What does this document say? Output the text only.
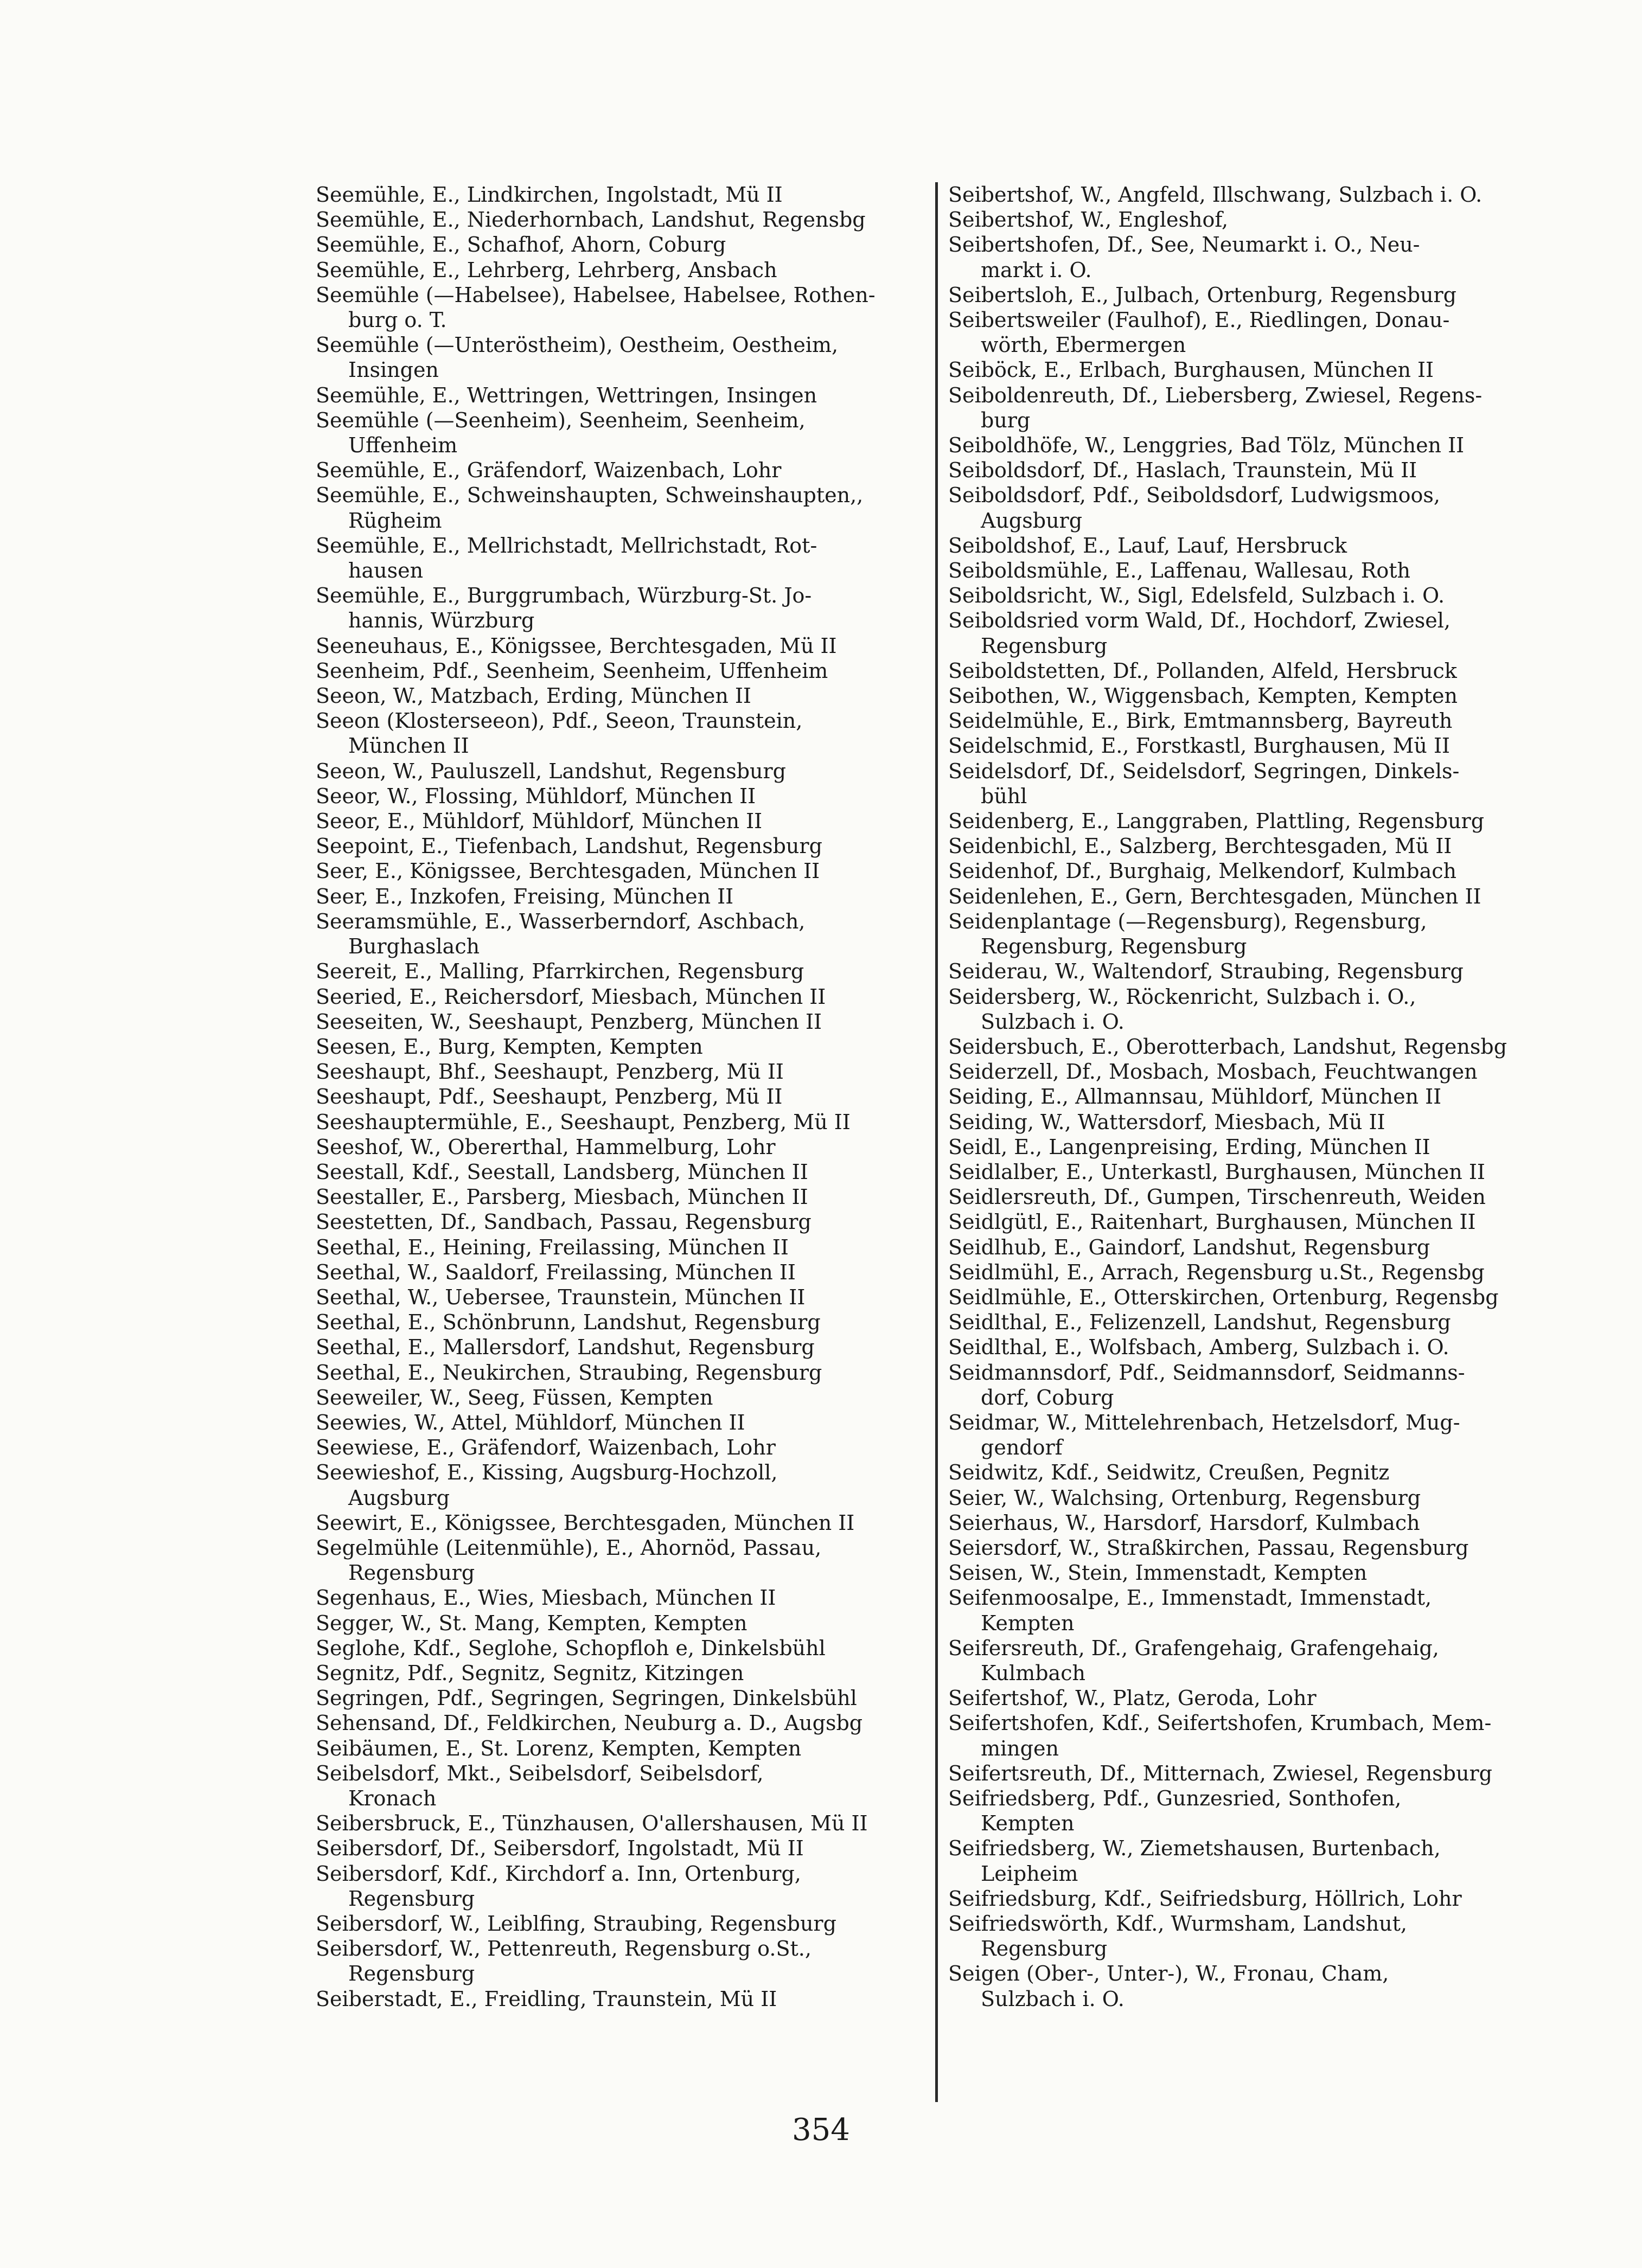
Seemühle, E., Lindkirchen, Ingolstadt, Mü II
Seemühle, E., Niederhornbach, Landshut, Regensbg
Seemühle, E., Schafhof, Ahorn, Coburg
Seemühle, E., Lehrberg, Lehrberg, Ansbach
Seemühle (—Habelsee), Habelsee, Habelsee, Rothen-
burg o. T.
Seemühle (—Unteröstheim), Oestheim, Oestheim,
Insingen
Seemühle, E., Wettringen, Wettringen, Insingen
Seemühle (—Seenheim), Seenheim, Seenheim,
Uffenheim
Seemühle, E., Gräfendorf, Waizenbach, Lohr
Seemühle, E., Schweinshaupten, Schweinshaupten,,
Rügheim
Seemühle, E., Mellrichstadt, Mellrichstadt, Rot-
hausen
Seemühle, E., Burggrumbach, Würzburg-St. Jo-
hannis, Würzburg
Seeneuhaus, E., Königssee, Berchtesgaden, Mü II
Seenheim, Pdf., Seenheim, Seenheim, Uffenheim
Seeon, W., Matzbach, Erding, München II
Seeon (Klosterseeon), Pdf., Seeon, Traunstein,
München II
Seeon, W., Pauluszell, Landshut, Regensburg
Seeor, W., Flossing, Mühldorf, München II
Seeor, E., Mühldorf, Mühldorf, München II
Seepoint, E., Tiefenbach, Landshut, Regensburg
Seer, E., Königssee, Berchtesgaden, München II
Seer, E., Inzkofen, Freising, München II
Seeramsmühle, E., Wasserberndorf, Aschbach,
Burghaslach
Seereit, E., Malling, Pfarrkirchen, Regensburg
Seeried, E., Reichersdorf, Miesbach, München II
Seeseiten, W., Seeshaupt, Penzberg, München II
Seesen, E., Burg, Kempten, Kempten
Seeshaupt, Bhf., Seeshaupt, Penzberg, Mü II
Seeshaupt, Pdf., Seeshaupt, Penzberg, Mü II
Seeshauptermühle, E., Seeshaupt, Penzberg, Mü II
Seeshof, W., Obererthal, Hammelburg, Lohr
Seestall, Kdf., Seestall, Landsberg, München II
Seestaller, E., Parsberg, Miesbach, München II
Seestetten, Df., Sandbach, Passau, Regensburg
Seethal, E., Heining, Freilassing, München II
Seethal, W., Saaldorf, Freilassing, München II
Seethal, W., Uebersee, Traunstein, München II
Seethal, E., Schönbrunn, Landshut, Regensburg
Seethal, E., Mallersdorf, Landshut, Regensburg
Seethal, E., Neukirchen, Straubing, Regensburg
Seeweiler, W., Seeg, Füssen, Kempten
Seewies, W., Attel, Mühldorf, München II
Seewiese, E., Gräfendorf, Waizenbach, Lohr
Seewieshof, E., Kissing, Augsburg-Hochzoll,
Augsburg
Seewirt, E., Königssee, Berchtesgaden, München II
Segelmühle (Leitenmühle), E., Ahornöd, Passau,
Regensburg
Segenhaus, E., Wies, Miesbach, München II
Segger, W., St. Mang, Kempten, Kempten
Seglohe, Kdf., Seglohe, Schopfloh e, Dinkelsbühl
Segnitz, Pdf., Segnitz, Segnitz, Kitzingen
Segringen, Pdf., Segringen, Segringen, Dinkelsbühl
Sehensand, Df., Feldkirchen, Neuburg a. D., Augsbg
Seibäumen, E., St. Lorenz, Kempten, Kempten
Seibelsdorf, Mkt., Seibelsdorf, Seibelsdorf,
Kronach
Seibersbruck, E., Tünzhausen, O'allershausen, Mü II
Seibersdorf, Df., Seibersdorf, Ingolstadt, Mü II
Seibersdorf, Kdf., Kirchdorf a. Inn, Ortenburg,
Regensburg
Seibersdorf, W., Leiblfing, Straubing, Regensburg
Seibersdorf, W., Pettenreuth, Regensburg o.St.,
Regensburg
Seiberstadt, E., Freidling, Traunstein, Mü II
Seibertshof, W., Angfeld, Illschwang, Sulzbach i. O.
Seibertshof, W., Engleshof,
Seibertshofen, Df., See, Neumarkt i. O., Neu-
markt i. O.
Seibertsloh, E., Julbach, Ortenburg, Regensburg
Seibertsweiler (Faulhof), E., Riedlingen, Donau-
wörth, Ebermergen
Seiböck, E., Erlbach, Burghausen, München II
Seiboldenreuth, Df., Liebersberg, Zwiesel, Regens-
burg
Seiboldhöfe, W., Lenggries, Bad Tölz, München II
Seiboldsdorf, Df., Haslach, Traunstein, Mü II
Seiboldsdorf, Pdf., Seiboldsdorf, Ludwigsmoos,
Augsburg
Seiboldshof, E., Lauf, Lauf, Hersbruck
Seiboldsmühle, E., Laffenau, Wallesau, Roth
Seiboldsricht, W., Sigl, Edelsfeld, Sulzbach i. O.
Seiboldsried vorm Wald, Df., Hochdorf, Zwiesel,
Regensburg
Seiboldstetten, Df., Pollanden, Alfeld, Hersbruck
Seibothen, W., Wiggensbach, Kempten, Kempten
Seidelmühle, E., Birk, Emtmannsberg, Bayreuth
Seidelschmid, E., Forstkastl, Burghausen, Mü II
Seidelsdorf, Df., Seidelsdorf, Segringen, Dinkels-
bühl
Seidenberg, E., Langgraben, Plattling, Regensburg
Seidenbichl, E., Salzberg, Berchtesgaden, Mü II
Seidenhof, Df., Burghaig, Melkendorf, Kulmbach
Seidenlehen, E., Gern, Berchtesgaden, München II
Seidenplantage (—Regensburg), Regensburg,
Regensburg, Regensburg
Seiderau, W., Waltendorf, Straubing, Regensburg
Seidersberg, W., Röckenricht, Sulzbach i. O.,
Sulzbach i. O.
Seidersbuch, E., Oberotterbach, Landshut, Regensbg
Seiderzell, Df., Mosbach, Mosbach, Feuchtwangen
Seiding, E., Allmannsau, Mühldorf, München II
Seiding, W., Wattersdorf, Miesbach, Mü II
Seidl, E., Langenpreising, Erding, München II
Seidlalber, E., Unterkastl, Burghausen, München II
Seidlersreuth, Df., Gumpen, Tirschenreuth, Weiden
Seidlgütl, E., Raitenhart, Burghausen, München II
Seidlhub, E., Gaindorf, Landshut, Regensburg
Seidlmühl, E., Arrach, Regensburg u.St., Regensbg
Seidlmühle, E., Otterskirchen, Ortenburg, Regensbg
Seidlthal, E., Felizenzell, Landshut, Regensburg
Seidlthal, E., Wolfsbach, Amberg, Sulzbach i. O.
Seidmannsdorf, Pdf., Seidmannsdorf, Seidmanns-
dorf, Coburg
Seidmar, W., Mittelehrenbach, Hetzelsdorf, Mug-
gendorf
Seidwitz, Kdf., Seidwitz, Creußen, Pegnitz
Seier, W., Walchsing, Ortenburg, Regensburg
Seierhaus, W., Harsdorf, Harsdorf, Kulmbach
Seiersdorf, W., Straßkirchen, Passau, Regensburg
Seisen, W., Stein, Immenstadt, Kempten
Seifenmoosalpe, E., Immenstadt, Immenstadt,
Kempten
Seifersreuth, Df., Grafengehaig, Grafengehaig,
Kulmbach
Seifertshof, W., Platz, Geroda, Lohr
Seifertshofen, Kdf., Seifertshofen, Krumbach, Mem-
mingen
Seifertsreuth, Df., Mitternach, Zwiesel, Regensburg
Seifriedsberg, Pdf., Gunzesried, Sonthofen,
Kempten
Seifriedsberg, W., Ziemetshausen, Burtenbach,
Leipheim
Seifriedsburg, Kdf., Seifriedsburg, Höllrich, Lohr
Seifriedswörth, Kdf., Wurmsham, Landshut,
Regensburg
Seigen (Ober-, Unter-), W., Fronau, Cham,
Sulzbach i. O.
354
